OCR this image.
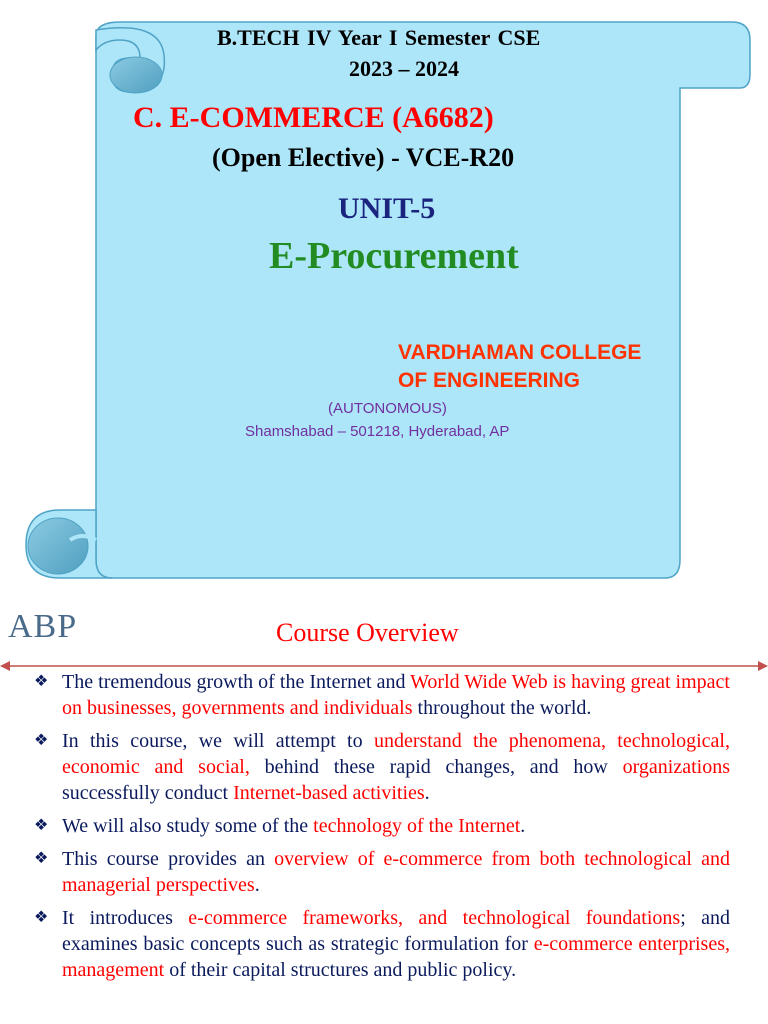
B.TECH IV Year I Semester CSE
2023 – 2024
C. E-COMMERCE (A6682)
(Open Elective) - VCE-R20
UNIT-5
E-Procurement
VARDHAMAN COLLEGE
OF ENGINEERING
(AUTONOMOUS)
Shamshabad – 501218, Hyderabad, AP
ABP	Course Overview
❖ The tremendous growth of the Internet and World Wide Web is having great impact on businesses, governments and individuals throughout the world.
❖ In this course, we will attempt to understand the phenomena, technological, economic and social, behind these rapid changes, and how organizations successfully conduct Internet-based activities.
❖ We will also study some of the technology of the Internet.
❖ This course provides an overview of e-commerce from both technological and managerial perspectives.
❖ It introduces e-commerce frameworks, and technological foundations; and examines basic concepts such as strategic formulation for e-commerce enterprises, management of their capital structures and public policy.
